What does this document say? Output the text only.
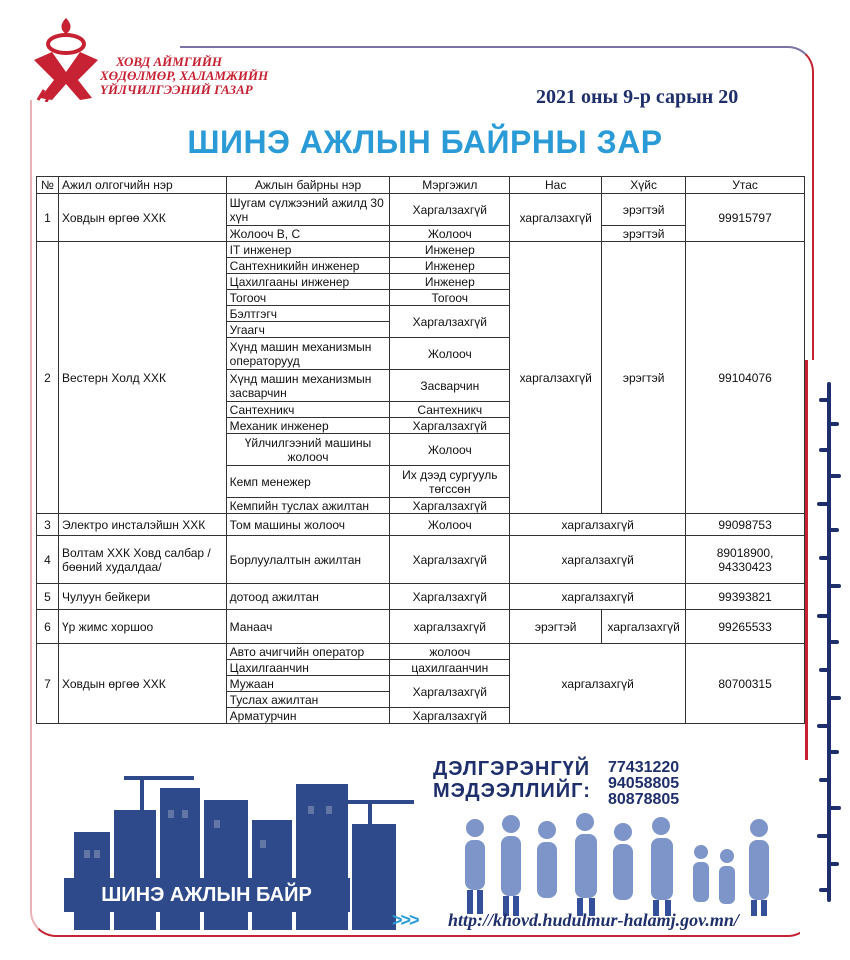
ХОВД АЙМГИЙН
ХӨДӨЛМӨР, ХАЛАМЖИЙН
ҮЙЛЧИЛГЭЭНИЙ ГАЗАР	2021 оны 9-р сарын 20
ШИНЭ АЖЛЫН БАЙРНЫ ЗАР
№	Ажил олгогчийн нэр	Ажлын байрны нэр	Мэргэжил	Нас	Хүйс	Утас
1	Ховдын өргөө ХХК	Шугам сүлжээний ажилд 30 хүн	Харгалзахгүй	харгалзахгүй	эрэгтэй	99915797
		Жолооч В, С	Жолооч		эрэгтэй	
2	Вестерн Холд ХХК	IT инженер	Инженер	харгалзахгүй	эрэгтэй	99104076
		Сантехникийн инженер	Инженер			
		Цахилгааны инженер	Инженер			
		Тогооч	Тогооч			
		Бэлтгэгч	Харгалзахгүй			
		Угаагч				
		Хүнд машин механизмын операторууд	Жолооч			
		Хүнд машин механизмын засварчин	Засварчин			
		Сантехникч	Сантехникч			
		Механик инженер	Харгалзахгүй			
		Үйлчилгээний машины жолооч	Жолооч			
		Кемп менежер	Их дээд сургууль төгссөн			
		Кемпийн туслах ажилтан	Харгалзахгүй			
3	Электро инсталэйшн ХХК	Том машины жолооч	Жолооч	харгалзахгүй		99098753
4	Волтам ХХК Ховд салбар / бөөний худалдаа/	Борлуулалтын ажилтан	Харгалзахгүй	харгалзахгүй		89018900,
94330423

5	Чулуун бейкери	дотоод ажилтан	Харгалзахгүй	харгалзахгүй		99393821
6	Үр жимс хоршоо	Манаач	харгалзахгүй	эрэгтэй	харгалзахгүй	99265533
7	Ховдын өргөө ХХК	Авто ачигчийн оператор	жолооч	харгалзахгүй		80700315
		Цахилгаанчин	цахилгаанчин			
		Мужаан	Харгалзахгүй			
		Туслах ажилтан				
		Арматурчин	Харгалзахгүй			
ДЭЛГЭРЭНГҮЙ
МЭДЭЭЛЛИЙГ:
77431220
94058805
80878805
ШИНЭ АЖЛЫН БАЙР
>>> http://khovd.hudulmur-halamj.gov.mn/
